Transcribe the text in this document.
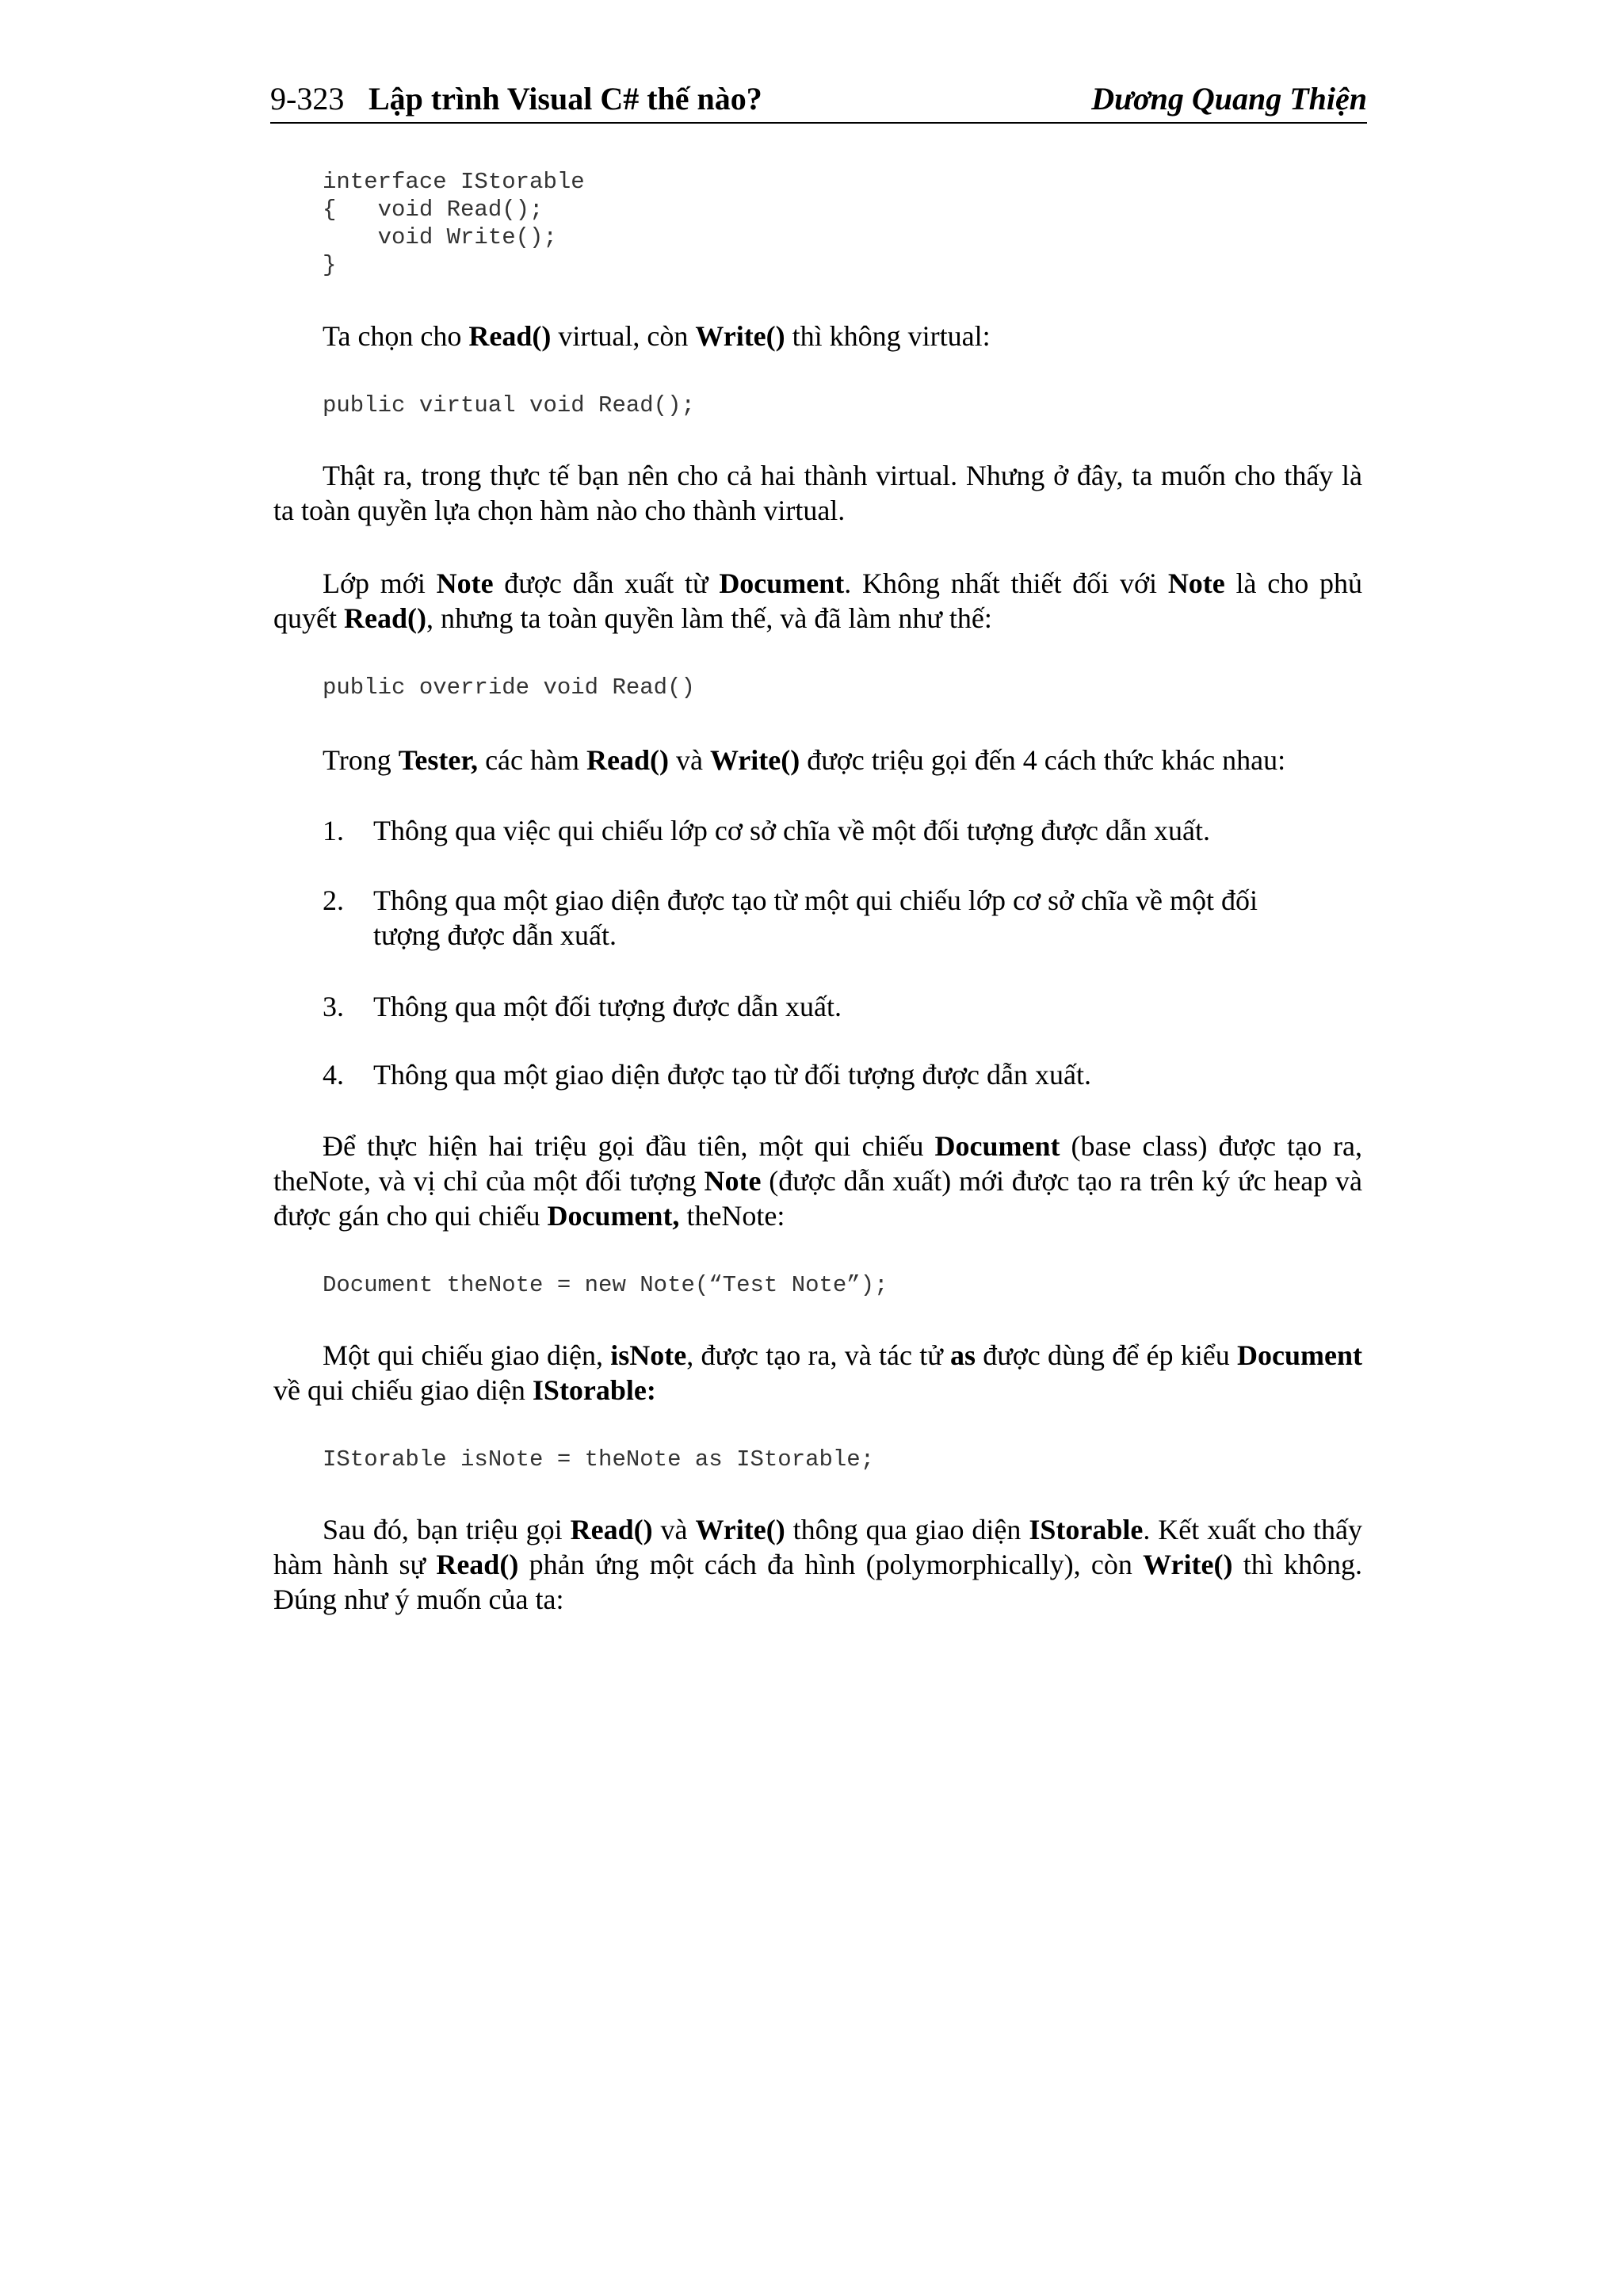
9-323 Lập trình Visual C# thế nào?	Dương Quang Thiện
interface IStorable
{   void Read();
void Write();
}

Ta chọn cho Read() virtual, còn Write() thì không virtual:

public virtual void Read();

Thật ra, trong thực tế bạn nên cho cả hai thành virtual. Nhưng ở đây, ta muốn cho thấy là ta toàn quyền lựa chọn hàm nào cho thành virtual.

Lớp mới Note được dẫn xuất từ Document. Không nhất thiết đối với Note là cho phủ quyết Read(), nhưng ta toàn quyền làm thế, và đã làm như thế:

public override void Read()

Trong Tester, các hàm Read() và Write() được triệu gọi đến 4 cách thức khác nhau:

1. Thông qua việc qui chiếu lớp cơ sở chĩa về một đối tượng được dẫn xuất.
2. Thông qua một giao diện được tạo từ một qui chiếu lớp cơ sở chĩa về một đối tượng được dẫn xuất.
3. Thông qua một đối tượng được dẫn xuất.
4. Thông qua một giao diện được tạo từ đối tượng được dẫn xuất.

Để thực hiện hai triệu gọi đầu tiên, một qui chiếu Document (base class) được tạo ra, theNote, và vị chỉ của một đối tượng Note (được dẫn xuất) mới được tạo ra trên ký ức heap và được gán cho qui chiếu Document, theNote:

Document theNote = new Note(“Test Note”);

Một qui chiếu giao diện, isNote, được tạo ra, và tác tử as được dùng để ép kiểu Document về qui chiếu giao diện IStorable:

IStorable isNote = theNote as IStorable;

Sau đó, bạn triệu gọi Read() và Write() thông qua giao diện IStorable. Kết xuất cho thấy hàm hành sự Read() phản ứng một cách đa hình (polymorphically), còn Write() thì không. Đúng như ý muốn của ta:
